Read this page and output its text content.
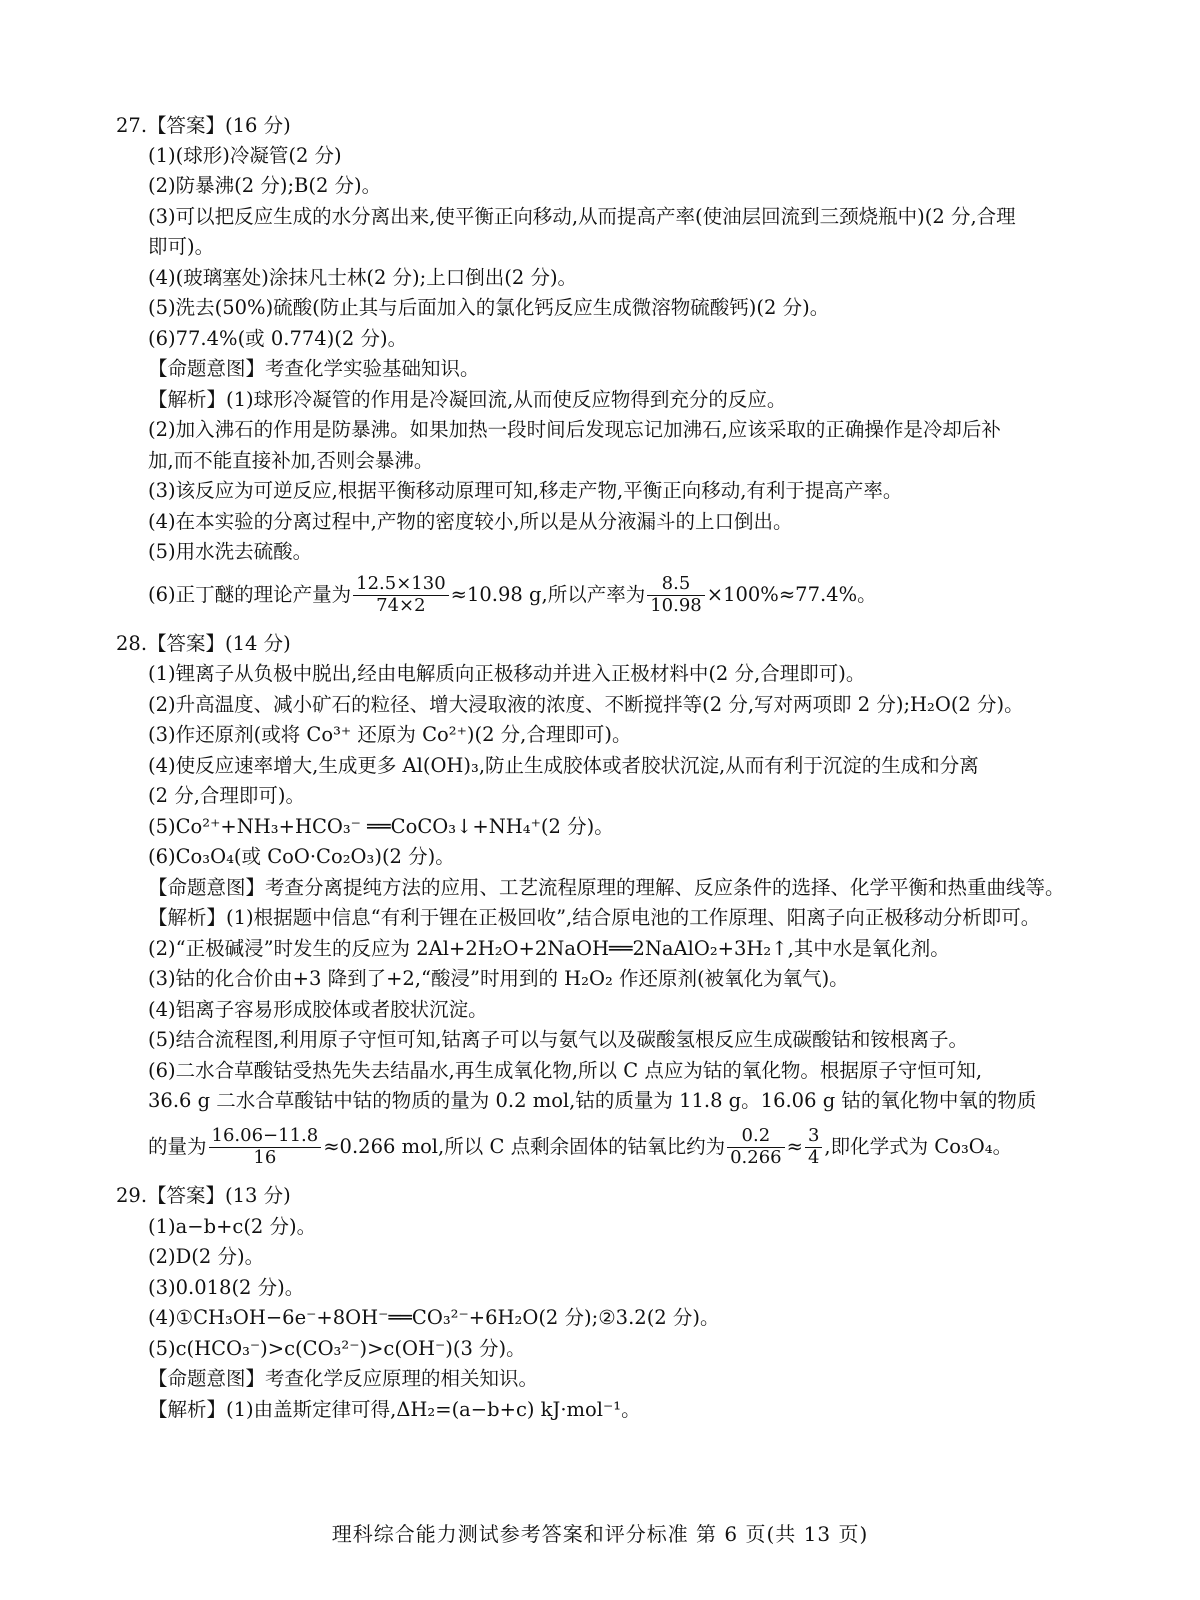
27.【答案】(16 分)
(1)(球形)冷凝管(2 分)
(2)防暴沸(2 分);B(2 分)。
(3)可以把反应生成的水分离出来,使平衡正向移动,从而提高产率(使油层回流到三颈烧瓶中)(2 分,合理
即可)。
(4)(玻璃塞处)涂抹凡士林(2 分);上口倒出(2 分)。
(5)洗去(50%)硫酸(防止其与后面加入的氯化钙反应生成微溶物硫酸钙)(2 分)。
(6)77.4%(或 0.774)(2 分)。
【命题意图】考查化学实验基础知识。
【解析】(1)球形冷凝管的作用是冷凝回流,从而使反应物得到充分的反应。
(2)加入沸石的作用是防暴沸。如果加热一段时间后发现忘记加沸石,应该采取的正确操作是冷却后补
加,而不能直接补加,否则会暴沸。
(3)该反应为可逆反应,根据平衡移动原理可知,移走产物,平衡正向移动,有利于提高产率。
(4)在本实验的分离过程中,产物的密度较小,所以是从分液漏斗的上口倒出。
(5)用水洗去硫酸。
(6)正丁醚的理论产量为 $\frac{12.5\times 130}{74\times 2} \approx 10.98$ g,所以产率为 $\frac{8.5}{10.98} \times 100\%\approx 77.4\%$。
28.【答案】(14 分)
(1)锂离子从负极中脱出,经由电解质向正极移动并进入正极材料中(2 分,合理即可)。
(2)升高温度、减小矿石的粒径、增大浸取液的浓度、不断搅拌等(2 分,写对两项即 2 分);H₂O(2 分)。
(3)作还原剂(或将 Co³⁺ 还原为 Co²⁺)(2 分,合理即可)。
(4)使反应速率增大,生成更多 Al(OH)₃,防止生成胶体或者胶状沉淀,从而有利于沉淀的生成和分离
(2 分,合理即可)。
(5)Co²⁺+NH₃+HCO₃⁻ ══CoCO₃↓+NH₄⁺(2 分)。
(6)Co₃O₄(或 CoO·Co₂O₃)(2 分)。
【命题意图】考查分离提纯方法的应用、工艺流程原理的理解、反应条件的选择、化学平衡和热重曲线等。
【解析】(1)根据题中信息“有利于锂在正极回收”,结合原电池的工作原理、阳离子向正极移动分析即可。
(2)“正极碱浸”时发生的反应为 2Al+2H₂O+2NaOH══2NaAlO₂+3H₂↑,其中水是氧化剂。
(3)钴的化合价由+3 降到了+2,“酸浸”时用到的 H₂O₂ 作还原剂(被氧化为氧气)。
(4)铝离子容易形成胶体或者胶状沉淀。
(5)结合流程图,利用原子守恒可知,钴离子可以与氨气以及碳酸氢根反应生成碳酸钴和铵根离子。
(6)二水合草酸钴受热先失去结晶水,再生成氧化物,所以 C 点应为钴的氧化物。根据原子守恒可知,
36.6 g 二水合草酸钴中钴的物质的量为 0.2 mol,钴的质量为 11.8 g。16.06 g 钴的氧化物中氧的物质
的量为 $\frac{16.06-11.8}{16} \approx 0.266$ mol,所以 C 点剩余固体的钴氧比约为 $\frac{0.2}{0.266} \approx \frac{3}{4}$ ,即化学式为 Co₃O₄。
29.【答案】(13 分)
(1)a−b+c(2 分)。
(2)D(2 分)。
(3)0.018(2 分)。
(4)①CH₃OH−6e⁻+8OH⁻══CO₃²⁻+6H₂O(2 分);②3.2(2 分)。
(5)c(HCO₃⁻)>c(CO₃²⁻)>c(OH⁻)(3 分)。
【命题意图】考查化学反应原理的相关知识。
【解析】(1)由盖斯定律可得,ΔH₂=(a−b+c) kJ·mol⁻¹。
理科综合能力测试参考答案和评分标准 第 6 页(共 13 页)
